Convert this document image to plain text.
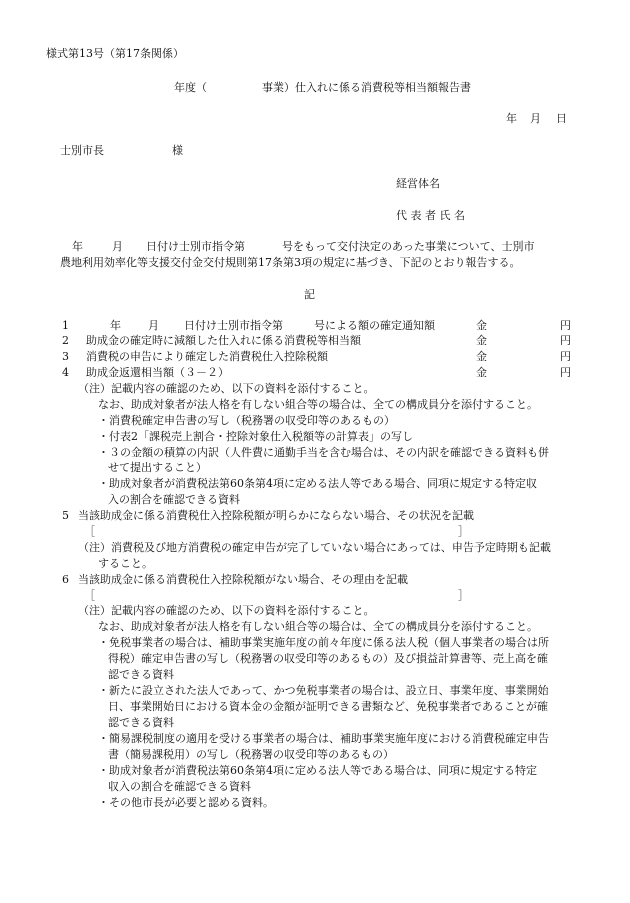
様式第13号（第17条関係）
年度（	事業）仕入れに係る消費税等相当額報告書
年 月 日
士別市長	様
経営体名
代 表 者 氏 名
年	月 日付け士別市指令第	号をもって交付決定のあった事業について、士別市
農地利用効率化等支援交付金交付規則第17条第3項の規定に基づき、下記のとおり報告する。
記
1	年 月 日付け士別市指令第	号による額の確定通知額	金	円
2 助成金の確定時に減額した仕入れに係る消費税等相当額	金	円
3 消費税の申告により確定した消費税仕入控除税額	金	円
4 助成金返還相当額（３－２）	金	円
（注）記載内容の確認のため、以下の資料を添付すること。
なお、助成対象者が法人格を有しない組合等の場合は、全ての構成員分を添付すること。
・消費税確定申告書の写し（税務署の収受印等のあるもの）
・付表2「課税売上割合・控除対象仕入税額等の計算表」の写し
・３の金額の積算の内訳（人件費に通勤手当を含む場合は、その内訳を確認できる資料も併
せて提出すること）
・助成対象者が消費税法第60条第4項に定める法人等である場合、同項に規定する特定収
入の割合を確認できる資料
5 当該助成金に係る消費税仕入控除税額が明らかにならない場合、その状況を記載
［	］
（注）消費税及び地方消費税の確定申告が完了していない場合にあっては、申告予定時期も記載
すること。
6 当該助成金に係る消費税仕入控除税額がない場合、その理由を記載
［	］
（注）記載内容の確認のため、以下の資料を添付すること。
なお、助成対象者が法人格を有しない組合等の場合は、全ての構成員分を添付すること。
・免税事業者の場合は、補助事業実施年度の前々年度に係る法人税（個人事業者の場合は所
得税）確定申告書の写し（税務署の収受印等のあるもの）及び損益計算書等、売上高を確
認できる資料
・新たに設立された法人であって、かつ免税事業者の場合は、設立日、事業年度、事業開始
日、事業開始日における資本金の金額が証明できる書類など、免税事業者であることが確
認できる資料
・簡易課税制度の適用を受ける事業者の場合は、補助事業実施年度における消費税確定申告
書（簡易課税用）の写し（税務署の収受印等のあるもの）
・助成対象者が消費税法第60条第4項に定める法人等である場合は、同項に規定する特定
収入の割合を確認できる資料
・その他市長が必要と認める資料。
